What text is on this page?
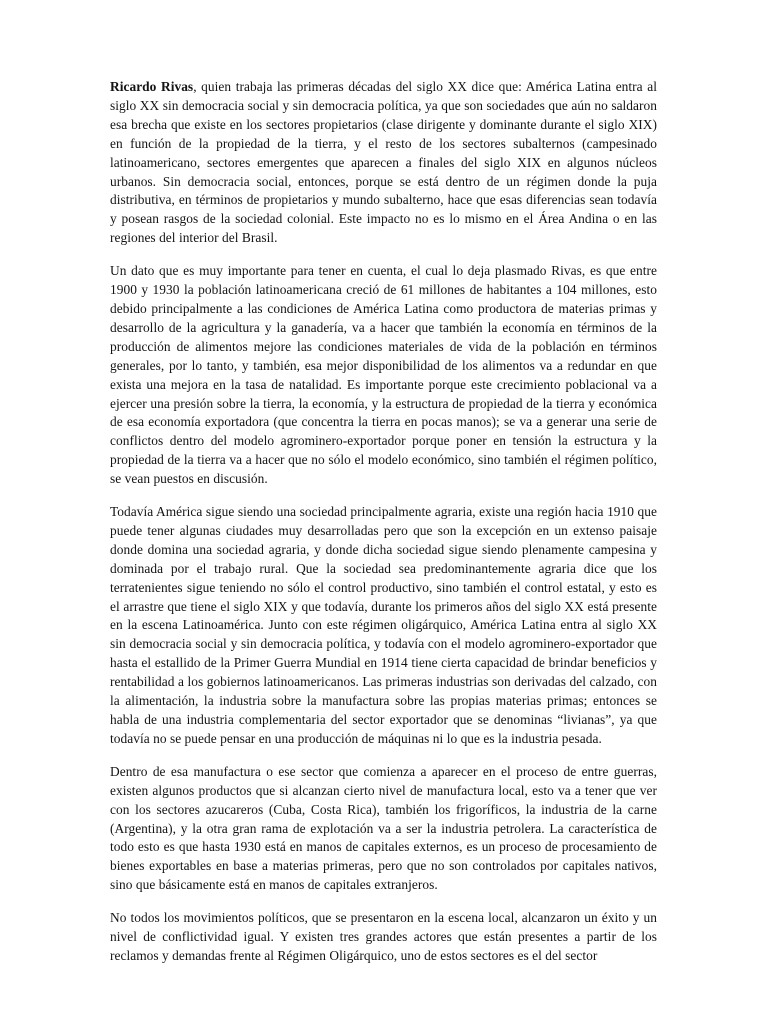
Ricardo Rivas, quien trabaja las primeras décadas del siglo XX dice que: América Latina entra al siglo XX sin democracia social y sin democracia política, ya que son sociedades que aún no saldaron esa brecha que existe en los sectores propietarios (clase dirigente y dominante durante el siglo XIX) en función de la propiedad de la tierra, y el resto de los sectores subalternos (campesinado latinoamericano, sectores emergentes que aparecen a finales del siglo XIX en algunos núcleos urbanos. Sin democracia social, entonces, porque se está dentro de un régimen donde la puja distributiva, en términos de propietarios y mundo subalterno, hace que esas diferencias sean todavía y posean rasgos de la sociedad colonial. Este impacto no es lo mismo en el Área Andina o en las regiones del interior del Brasil.

Un dato que es muy importante para tener en cuenta, el cual lo deja plasmado Rivas, es que entre 1900 y 1930 la población latinoamericana creció de 61 millones de habitantes a 104 millones, esto debido principalmente a las condiciones de América Latina como productora de materias primas y desarrollo de la agricultura y la ganadería, va a hacer que también la economía en términos de la producción de alimentos mejore las condiciones materiales de vida de la población en términos generales, por lo tanto, y también, esa mejor disponibilidad de los alimentos va a redundar en que exista una mejora en la tasa de natalidad. Es importante porque este crecimiento poblacional va a ejercer una presión sobre la tierra, la economía, y la estructura de propiedad de la tierra y económica de esa economía exportadora (que concentra la tierra en pocas manos); se va a generar una serie de conflictos dentro del modelo agrominero-exportador porque poner en tensión la estructura y la propiedad de la tierra va a hacer que no sólo el modelo económico, sino también el régimen político, se vean puestos en discusión.

Todavía América sigue siendo una sociedad principalmente agraria, existe una región hacia 1910 que puede tener algunas ciudades muy desarrolladas pero que son la excepción en un extenso paisaje donde domina una sociedad agraria, y donde dicha sociedad sigue siendo plenamente campesina y dominada por el trabajo rural. Que la sociedad sea predominantemente agraria dice que los terratenientes sigue teniendo no sólo el control productivo, sino también el control estatal, y esto es el arrastre que tiene el siglo XIX y que todavía, durante los primeros años del siglo XX está presente en la escena Latinoamérica. Junto con este régimen oligárquico, América Latina entra al siglo XX sin democracia social y sin democracia política, y todavía con el modelo agrominero-exportador que hasta el estallido de la Primer Guerra Mundial en 1914 tiene cierta capacidad de brindar beneficios y rentabilidad a los gobiernos latinoamericanos. Las primeras industrias son derivadas del calzado, con la alimentación, la industria sobre la manufactura sobre las propias materias primas; entonces se habla de una industria complementaria del sector exportador que se denominas “livianas”, ya que todavía no se puede pensar en una producción de máquinas ni lo que es la industria pesada.

Dentro de esa manufactura o ese sector que comienza a aparecer en el proceso de entre guerras, existen algunos productos que si alcanzan cierto nivel de manufactura local, esto va a tener que ver con los sectores azucareros (Cuba, Costa Rica), también los frigoríficos, la industria de la carne (Argentina), y la otra gran rama de explotación va a ser la industria petrolera. La característica de todo esto es que hasta 1930 está en manos de capitales externos, es un proceso de procesamiento de bienes exportables en base a materias primeras, pero que no son controlados por capitales nativos, sino que básicamente está en manos de capitales extranjeros.

No todos los movimientos políticos, que se presentaron en la escena local, alcanzaron un éxito y un nivel de conflictividad igual. Y existen tres grandes actores que están presentes a partir de los reclamos y demandas frente al Régimen Oligárquico, uno de estos sectores es el del sector
